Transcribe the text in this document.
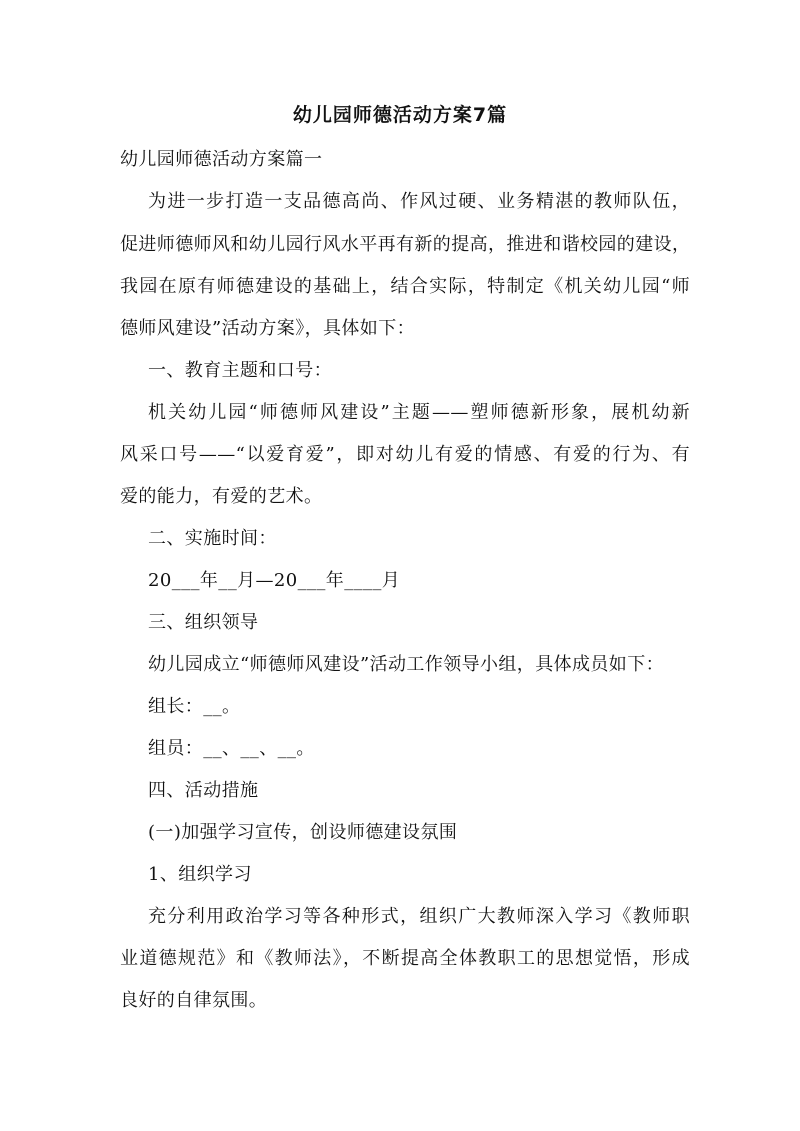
幼儿园师德活动方案7篇
幼儿园师德活动方案篇一
为进一步打造一支品德高尚、作风过硬、业务精湛的教师队伍，
促进师德师风和幼儿园行风水平再有新的提高，推进和谐校园的建设，
我园在原有师德建设的基础上，结合实际，特制定《机关幼儿园“师
德师风建设”活动方案》，具体如下：
一、教育主题和口号：
机关幼儿园“师德师风建设”主题——塑师德新形象，展机幼新
风采口号——“以爱育爱”，即对幼儿有爱的情感、有爱的行为、有
爱的能力，有爱的艺术。
二、实施时间：
20___年__月—20___年____月
三、组织领导
幼儿园成立“师德师风建设”活动工作领导小组，具体成员如下：
组长：__。
组员：__、__、__。
四、活动措施
(一)加强学习宣传，创设师德建设氛围
1、组织学习
充分利用政治学习等各种形式，组织广大教师深入学习《教师职
业道德规范》和《教师法》，不断提高全体教职工的思想觉悟，形成
良好的自律氛围。
